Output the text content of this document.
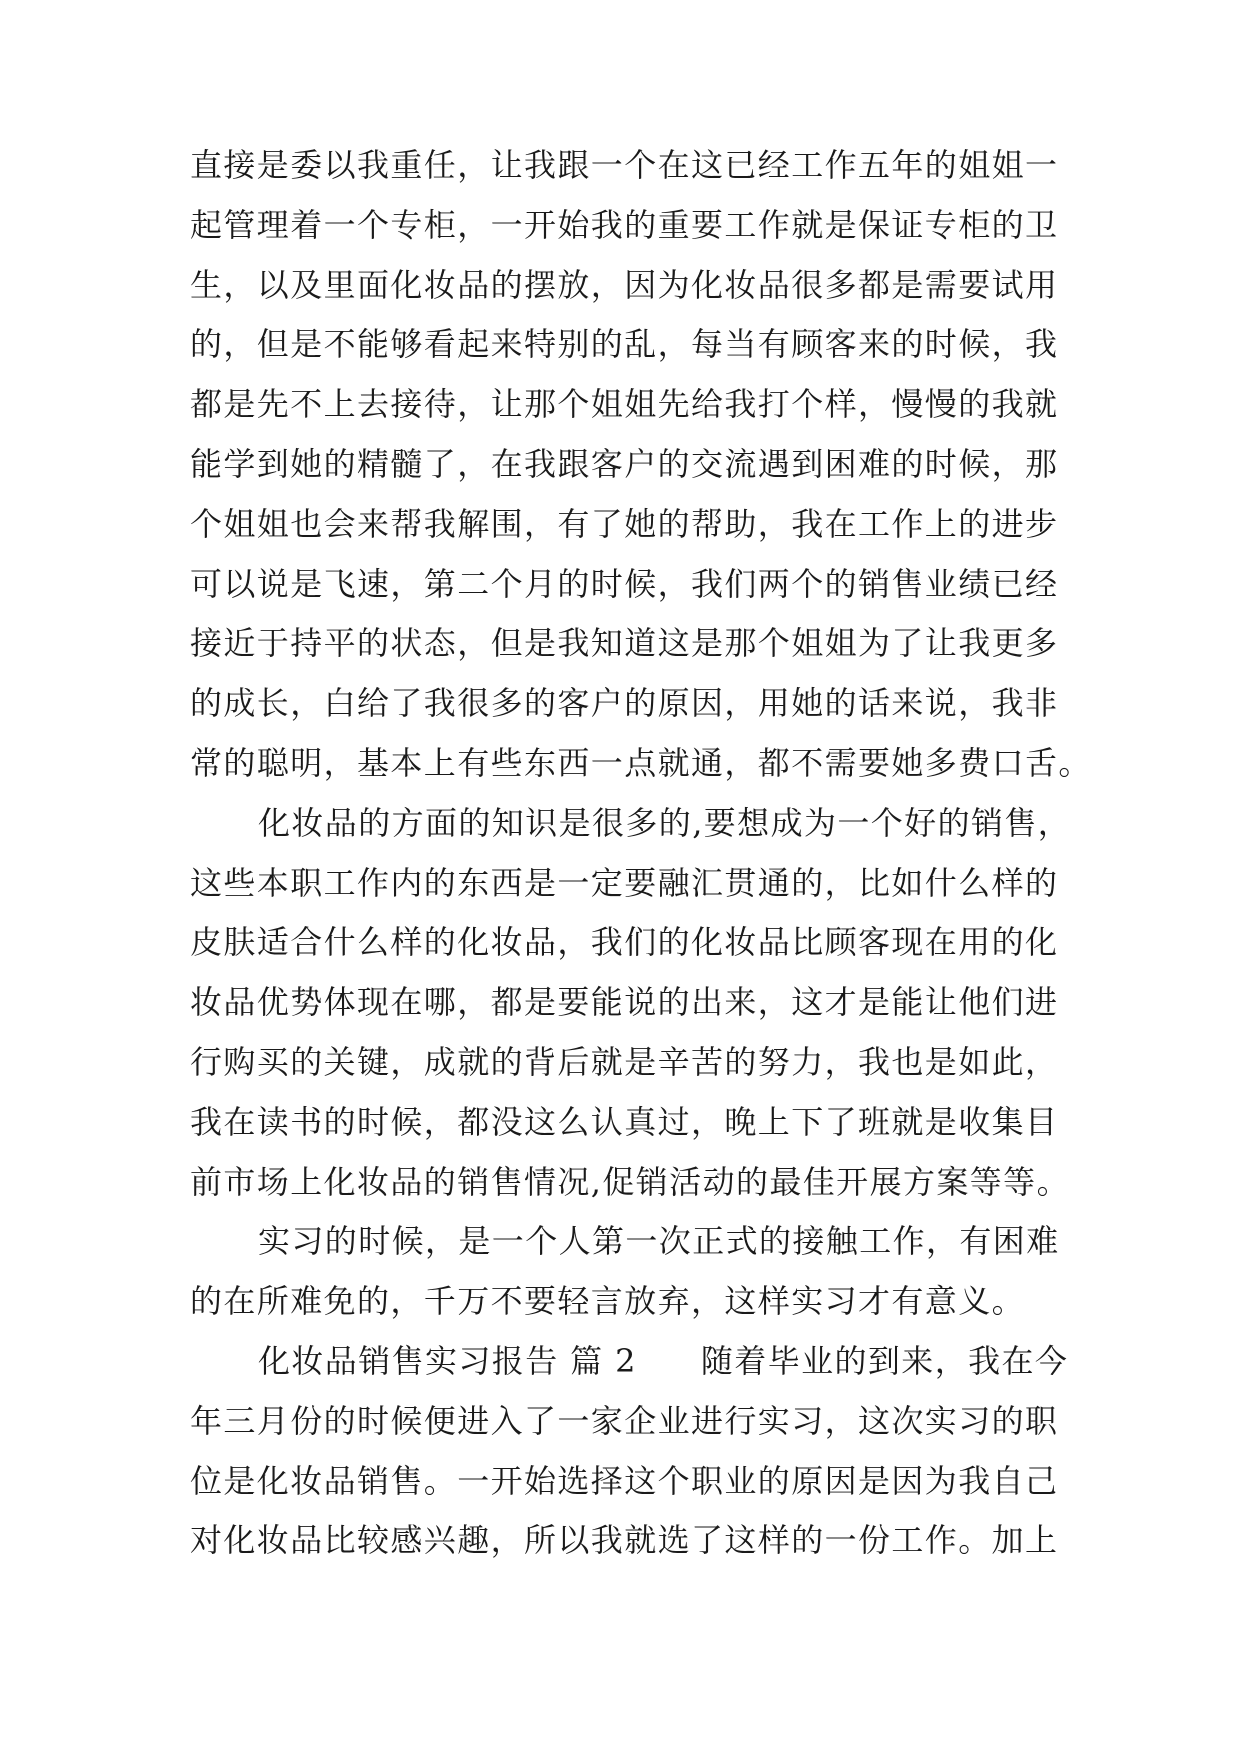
直接是委以我重任，让我跟一个在这已经工作五年的姐姐一
起管理着一个专柜，一开始我的重要工作就是保证专柜的卫
生，以及里面化妆品的摆放，因为化妆品很多都是需要试用
的，但是不能够看起来特别的乱，每当有顾客来的时候，我
都是先不上去接待，让那个姐姐先给我打个样，慢慢的我就
能学到她的精髓了，在我跟客户的交流遇到困难的时候，那
个姐姐也会来帮我解围，有了她的帮助，我在工作上的进步
可以说是飞速，第二个月的时候，我们两个的销售业绩已经
接近于持平的状态，但是我知道这是那个姐姐为了让我更多
的成长，白给了我很多的客户的原因，用她的话来说，我非
常的聪明，基本上有些东西一点就通，都不需要她多费口舌。
化妆品的方面的知识是很多的,要想成为一个好的销售，
这些本职工作内的东西是一定要融汇贯通的，比如什么样的
皮肤适合什么样的化妆品，我们的化妆品比顾客现在用的化
妆品优势体现在哪，都是要能说的出来，这才是能让他们进
行购买的关键，成就的背后就是辛苦的努力，我也是如此，
我在读书的时候，都没这么认真过，晚上下了班就是收集目
前市场上化妆品的销售情况,促销活动的最佳开展方案等等。
实习的时候，是一个人第一次正式的接触工作，有困难
的在所难免的，千万不要轻言放弃，这样实习才有意义。
化妆品销售实习报告 篇 2 随着毕业的到来，我在今
年三月份的时候便进入了一家企业进行实习，这次实习的职
位是化妆品销售。一开始选择这个职业的原因是因为我自己
对化妆品比较感兴趣，所以我就选了这样的一份工作。加上
